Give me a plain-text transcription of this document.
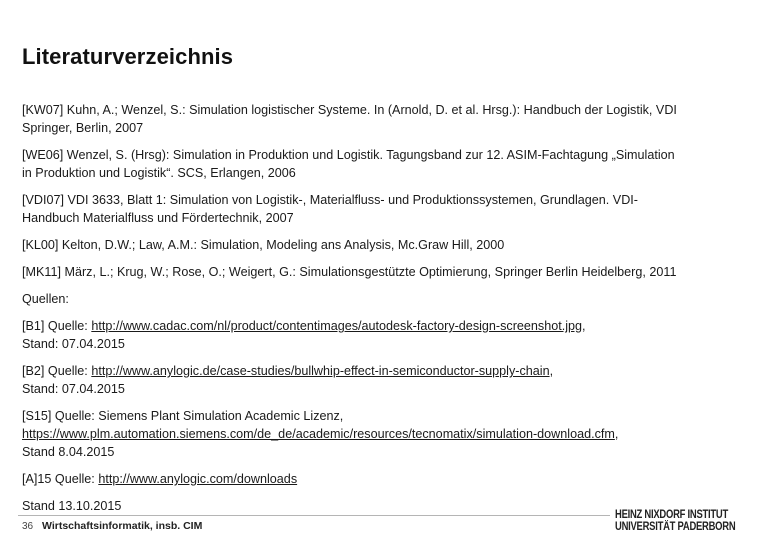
Literaturverzeichnis

[KW07] Kuhn, A.; Wenzel, S.: Simulation logistischer Systeme. In (Arnold, D. et al. Hrsg.): Handbuch der Logistik, VDI
Springer, Berlin, 2007

[WE06] Wenzel, S. (Hrsg): Simulation in Produktion und Logistik. Tagungsband zur 12. ASIM-Fachtagung „Simulation
in Produktion und Logistik“. SCS, Erlangen, 2006

[VDI07] VDI 3633, Blatt 1: Simulation von Logistik-, Materialfluss- und Produktionssystemen, Grundlagen. VDI-
Handbuch Materialfluss und Fördertechnik, 2007

[KL00] Kelton, D.W.; Law, A.M.: Simulation, Modeling ans Analysis, Mc.Graw Hill, 2000

[MK11] März, L.; Krug, W.; Rose, O.; Weigert, G.: Simulationsgestützte Optimierung, Springer Berlin Heidelberg, 2011

Quellen:

[B1] Quelle: http://www.cadac.com/nl/product/contentimages/autodesk-factory-design-screenshot.jpg,
Stand: 07.04.2015

[B2] Quelle: http://www.anylogic.de/case-studies/bullwhip-effect-in-semiconductor-supply-chain,
Stand: 07.04.2015

[S15] Quelle: Siemens Plant Simulation Academic Lizenz,
https://www.plm.automation.siemens.com/de_de/academic/resources/tecnomatix/simulation-download.cfm,
Stand 8.04.2015

[A]15 Quelle: http://www.anylogic.com/downloads

Stand 13.10.2015

36 Wirtschaftsinformatik, insb. CIM
HEINZ NIXDORF INSTITUT
UNIVERSITÄT PADERBORN
